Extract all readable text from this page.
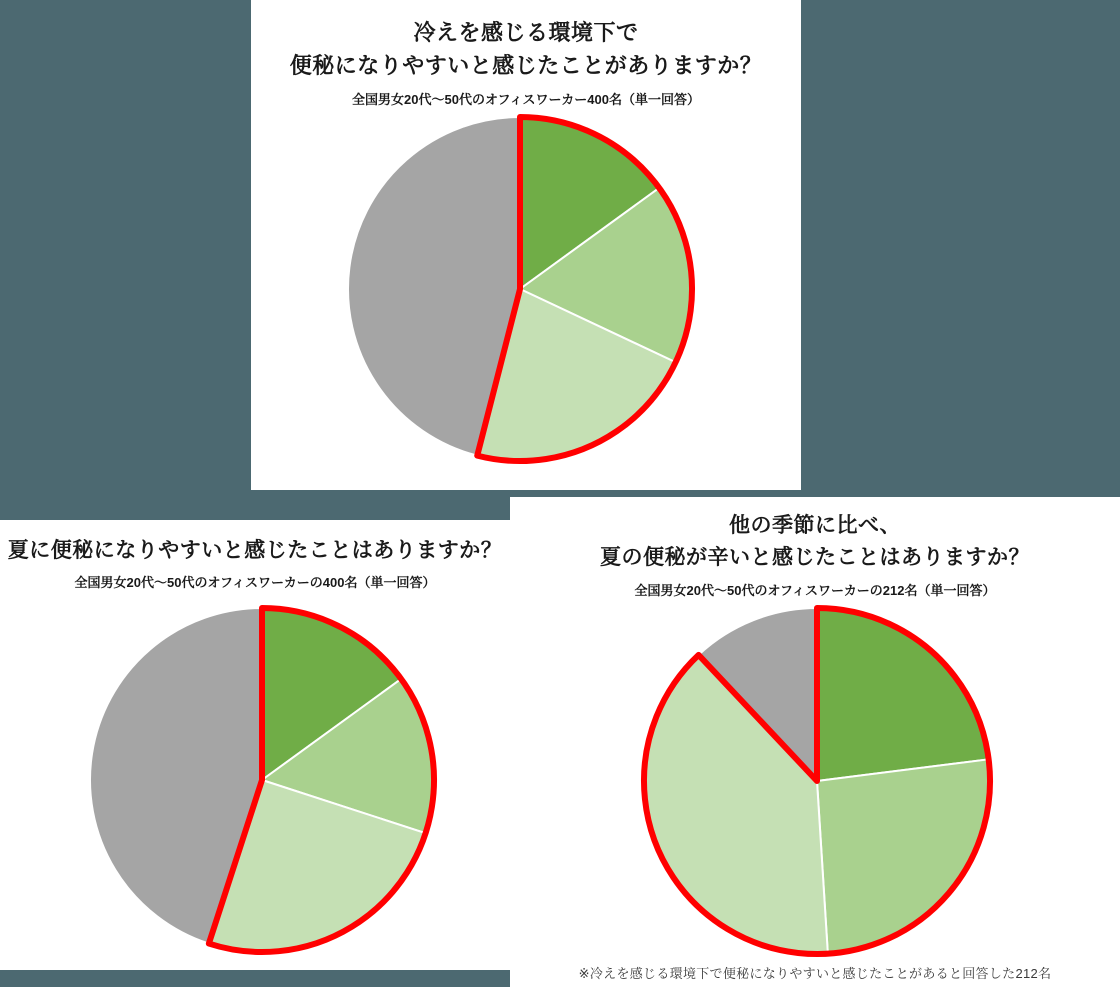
冷えを感じる環境下で
便秘になりやすいと感じたことがありますか？
全国男女20代～50代のオフィスワーカー400名（単一回答）
夏に便秘になりやすいと感じたことはありますか？
全国男女20代～50代のオフィスワーカーの400名（単一回答）
他の季節に比べ、
夏の便秘が辛いと感じたことはありますか？
全国男女20代～50代のオフィスワーカーの212名（単一回答）
※冷えを感じる環境下で便秘になりやすいと感じたことがあると回答した212名
